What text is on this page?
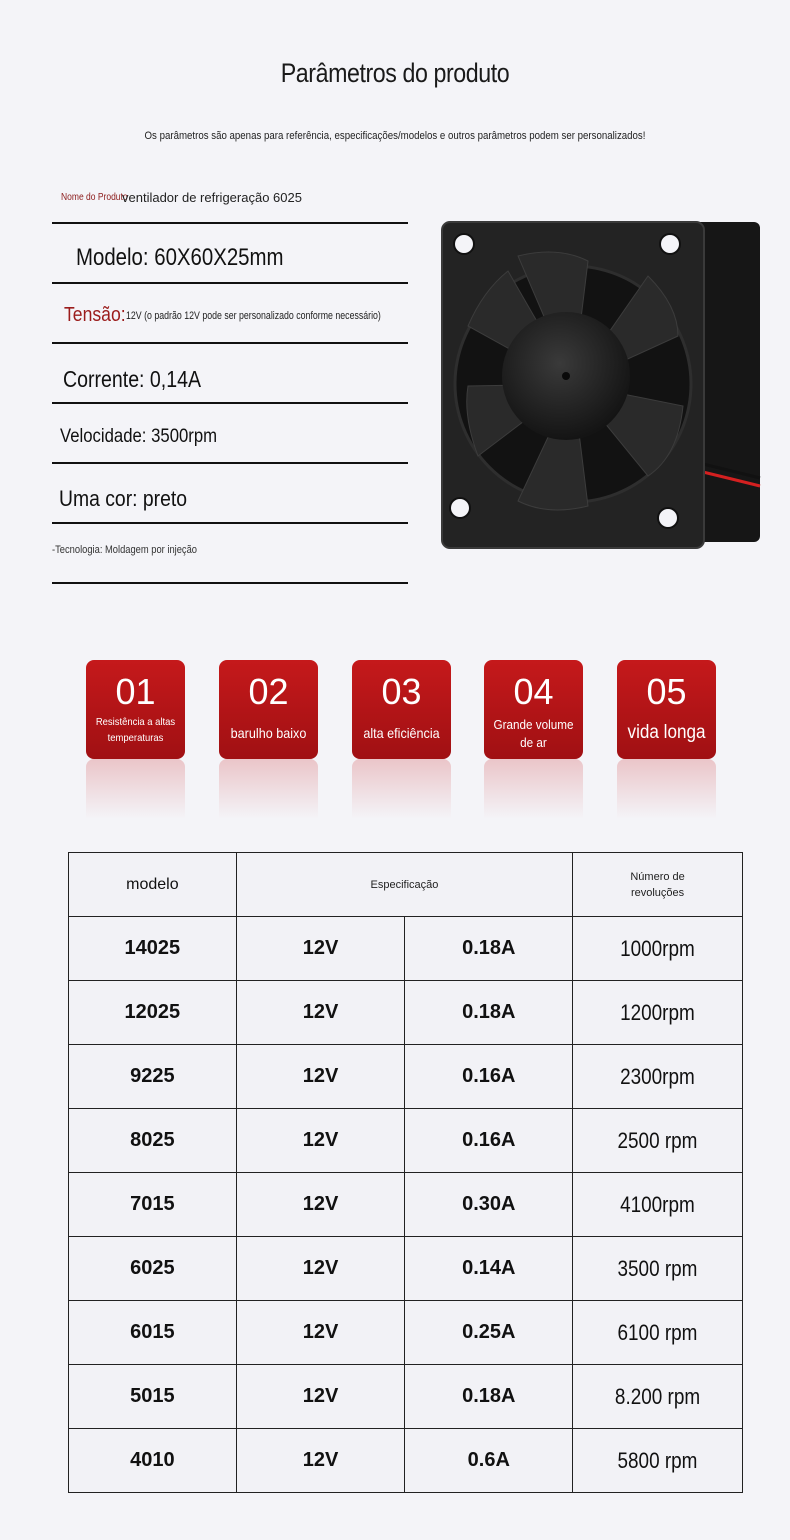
Parâmetros do produto
Os parâmetros são apenas para referência, especificações/modelos e outros parâmetros podem ser personalizados!
Nome do Produto
ventilador de refrigeração 6025
Modelo: 60X60X25mm
Tensão: 12V (o padrão 12V pode ser personalizado conforme necessário)
Corrente: 0,14A
Velocidade: 3500rpm
Uma cor: preto
-Tecnologia: Moldagem por injeção
01
Resistência a altas temperaturas
02
barulho baixo
03
alta eficiência
04
Grande volume de ar
05
vida longa
modelo	Especificação		Número de revoluções

14025	12V	0.18A	1000rpm
12025	12V	0.18A	1200rpm
9225	12V	0.16A	2300rpm
8025	12V	0.16A	2500 rpm
7015	12V	0.30A	4100rpm
6025	12V	0.14A	3500 rpm
6015	12V	0.25A	6100 rpm
5015	12V	0.18A	8.200 rpm
4010	12V	0.6A	5800 rpm
